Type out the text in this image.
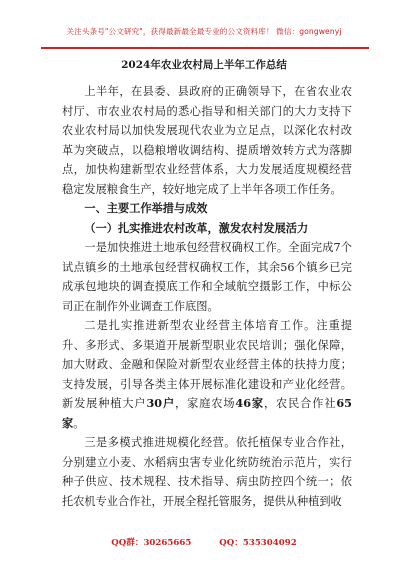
关注头条号"公文研究"，获得最新最全最专业的公文资料库！ 微信：gongwenyj
2024年农业农村局上半年工作总结

上半年，在县委、县政府的正确领导下，在省农业农村厅、市农业农村局的悉心指导和相关部门的大力支持下农业农村局以加快发展现代农业为立足点，以深化农村改革为突破点，以稳粮增收调结构、提质增效转方式为落脚点，加快构建新型农业经营体系，大力发展适度规模经营稳定发展粮食生产，较好地完成了上半年各项工作任务。

一、主要工作举措与成效

（一）扎实推进农村改革，激发农村发展活力

一是加快推进土地承包经营权确权工作。全面完成7个试点镇乡的土地承包经营权确权工作，其余56个镇乡已完成承包地块的调查摸底工作和全域航空摄影工作，中标公司正在制作外业调查工作底图。

二是扎实推进新型农业经营主体培育工作。注重提升、多形式、多渠道开展新型职业农民培训；强化保障，加大财政、金融和保险对新型农业经营主体的扶持力度；支持发展，引导各类主体开展标准化建设和产业化经营。新发展种植大户30户，家庭农场46家，农民合作社65家。

三是多模式推进规模化经营。依托植保专业合作社，分别建立小麦、水稻病虫害专业化统防统治示范片，实行种子供应、技术规程、技术指导、病虫防控四个统一；依托农机专业合作社，开展全程托管服务，提供从种植到收

QQ群：30265665	QQ：535304092
